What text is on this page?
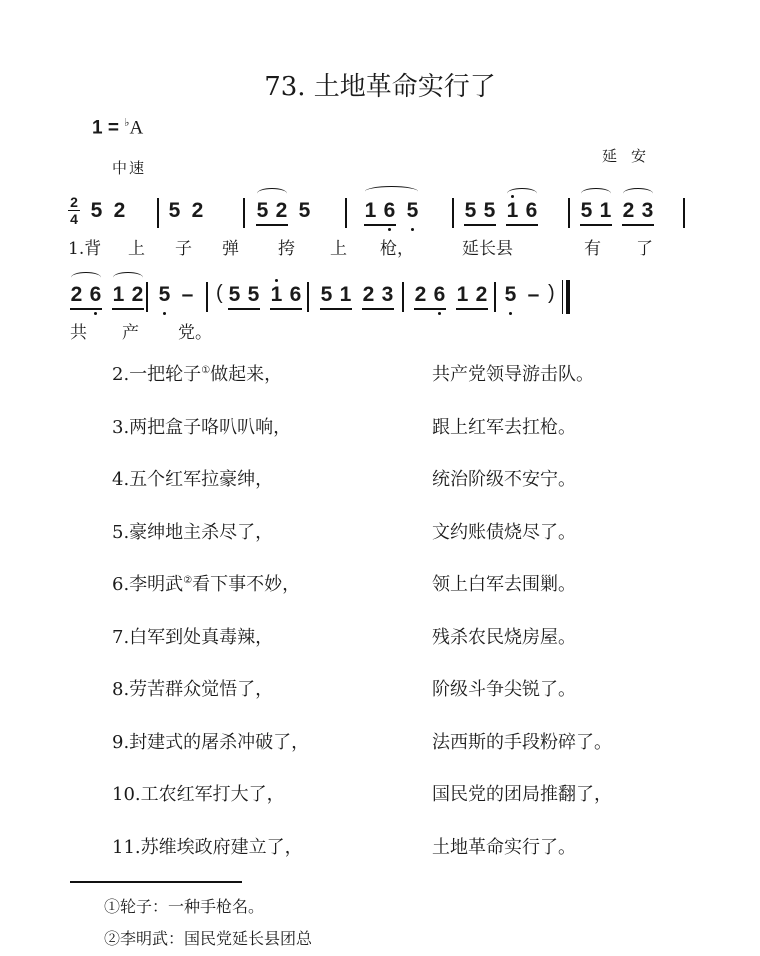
73. 土地革命实行了
1 = ♭A
中速
延安
2
4 5 2 5 2	5 2 5	1 6 5 5 5 1 6 5 1 2 3
1.背 上 子 弹 挎 上 枪，	延长县	有 了
(	)
2 6 1 2 5 – 5 5 1 6 5 1 2 3 2 6 1 2 5 –
共 产 党。
2.一把轮子①做起来，	共产党领导游击队。
3.两把盒子咯叭叭响，	跟上红军去扛枪。
4.五个红军拉豪绅，	统治阶级不安宁。
5.豪绅地主杀尽了，	文约账债烧尽了。
6.李明武②看下事不妙，	领上白军去围剿。
7.白军到处真毒辣，	残杀农民烧房屋。
8.劳苦群众觉悟了，	阶级斗争尖锐了。
9.封建式的屠杀冲破了，	法西斯的手段粉碎了。
10.工农红军打大了，	国民党的团局推翻了，
11.苏维埃政府建立了，	土地革命实行了。
①轮子：一种手枪名。
②李明武：国民党延长县团总
